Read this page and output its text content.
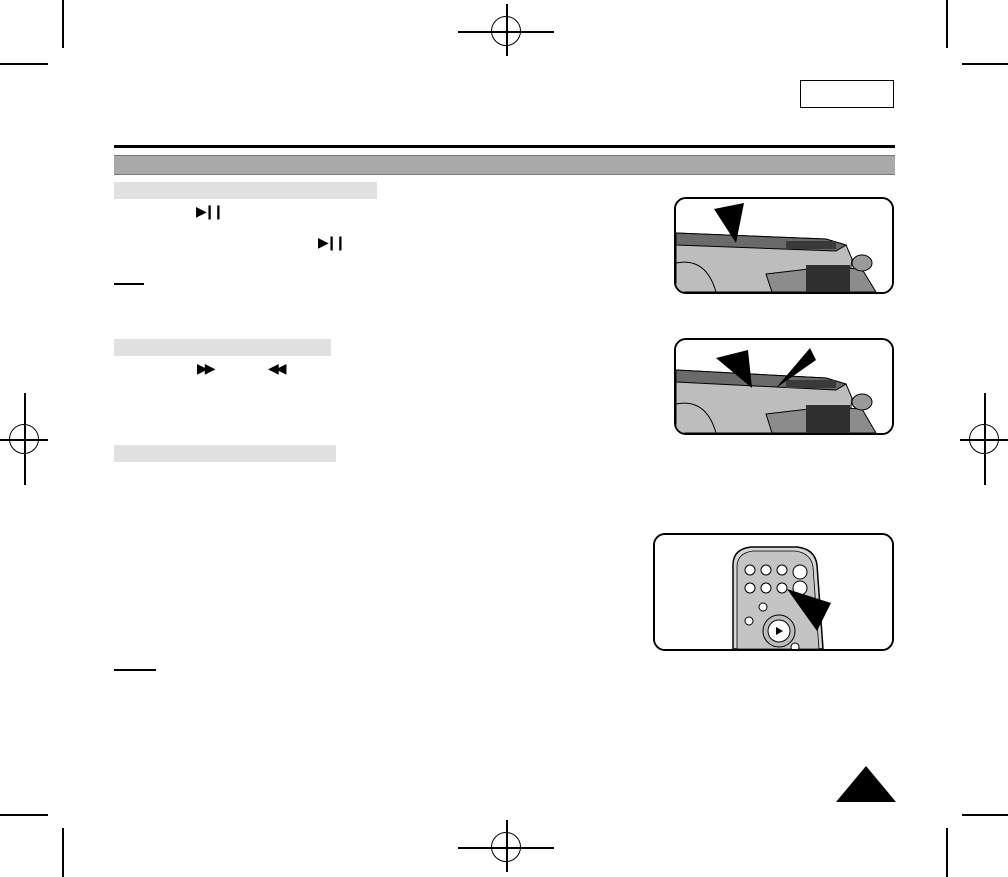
▶❙❙
▶❙❙
▶▶	◀◀
